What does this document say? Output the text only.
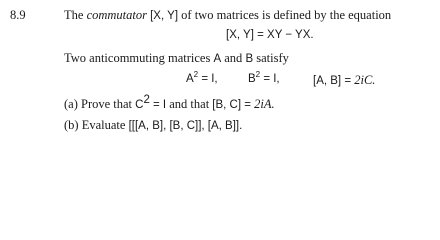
8.9	The commutator [X, Y] of two matrices is defined by the equation
[X, Y] = XY − YX.
Two anticommuting matrices A and B satisfy
$A^2 = I$,	$B^2 = I$,	[A, B] = 2iC.
(a) Prove that $C^2 = I$ and that [B, C] = 2iA.
(b) Evaluate [[[A, B], [B, C]], [A, B]].
